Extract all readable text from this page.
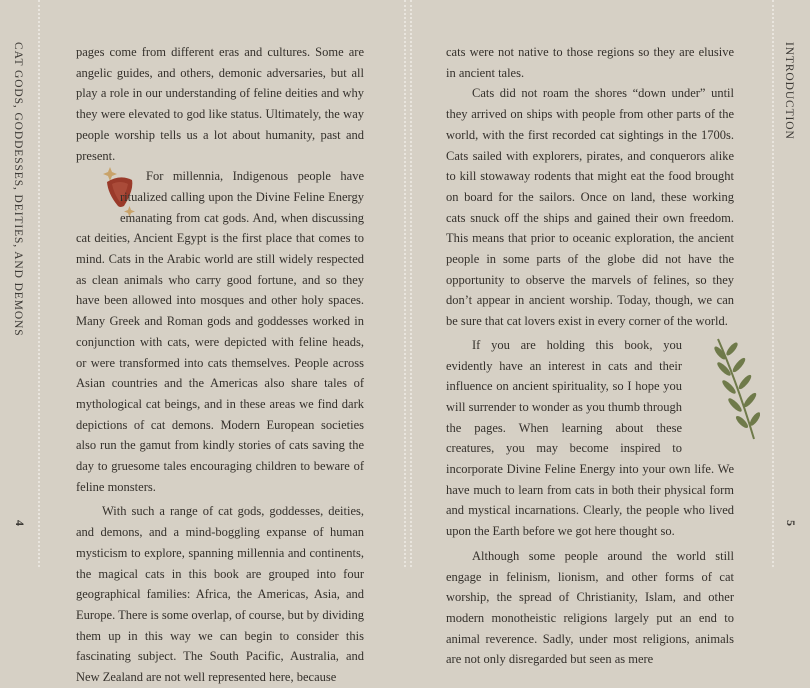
CAT GODS, GODDESSES, DEITIES, AND DEMONS
4
INTRODUCTION
5

pages come from different eras and cultures. Some are angelic guides, and others, demonic adversaries, but all play a role in our understanding of feline deities and why they were elevated to god like status. Ultimately, the way people worship tells us a lot about humanity, past and present.

For millennia, Indigenous people have ritualized calling upon the Divine Feline Energy emanating from cat gods. And, when discussing cat deities, Ancient Egypt is the first place that comes to mind. Cats in the Arabic world are still widely respected as clean animals who carry good fortune, and so they have been allowed into mosques and other holy spaces. Many Greek and Roman gods and goddesses worked in conjunction with cats, were depicted with feline heads, or were transformed into cats themselves. People across Asian countries and the Americas also share tales of mythological cat beings, and in these areas we find dark depictions of cat demons. Modern European societies also run the gamut from kindly stories of cats saving the day to gruesome tales encouraging children to beware of feline monsters.

With such a range of cat gods, goddesses, deities, and demons, and a mind-boggling expanse of human mysticism to explore, spanning millennia and continents, the magical cats in this book are grouped into four geographical families: Africa, the Americas, Asia, and Europe. There is some overlap, of course, but by dividing them up in this way we can begin to consider this fascinating subject. The South Pacific, Australia, and New Zealand are not well represented here, because

cats were not native to those regions so they are elusive in ancient tales.

Cats did not roam the shores “down under” until they arrived on ships with people from other parts of the world, with the first recorded cat sightings in the 1700s. Cats sailed with explorers, pirates, and conquerors alike to kill stowaway rodents that might eat the food brought on board for the sailors. Once on land, these working cats snuck off the ships and gained their own freedom. This means that prior to oceanic exploration, the ancient people in some parts of the globe did not have the opportunity to observe the marvels of felines, so they don’t appear in ancient worship. Today, though, we can be sure that cat lovers exist in every corner of the world.

If you are holding this book, you evidently have an interest in cats and their influence on ancient spirituality, so I hope you will surrender to wonder as you thumb through the pages. When learning about these creatures, you may become inspired to incorporate Divine Feline Energy into your own life. We have much to learn from cats in both their physical form and mystical incarnations. Clearly, the people who lived upon the Earth before we got here thought so.

Although some people around the world still engage in felinism, lionism, and other forms of cat worship, the spread of Christianity, Islam, and other modern monotheistic religions largely put an end to animal reverence. Sadly, under most religions, animals are not only disregarded but seen as mere
